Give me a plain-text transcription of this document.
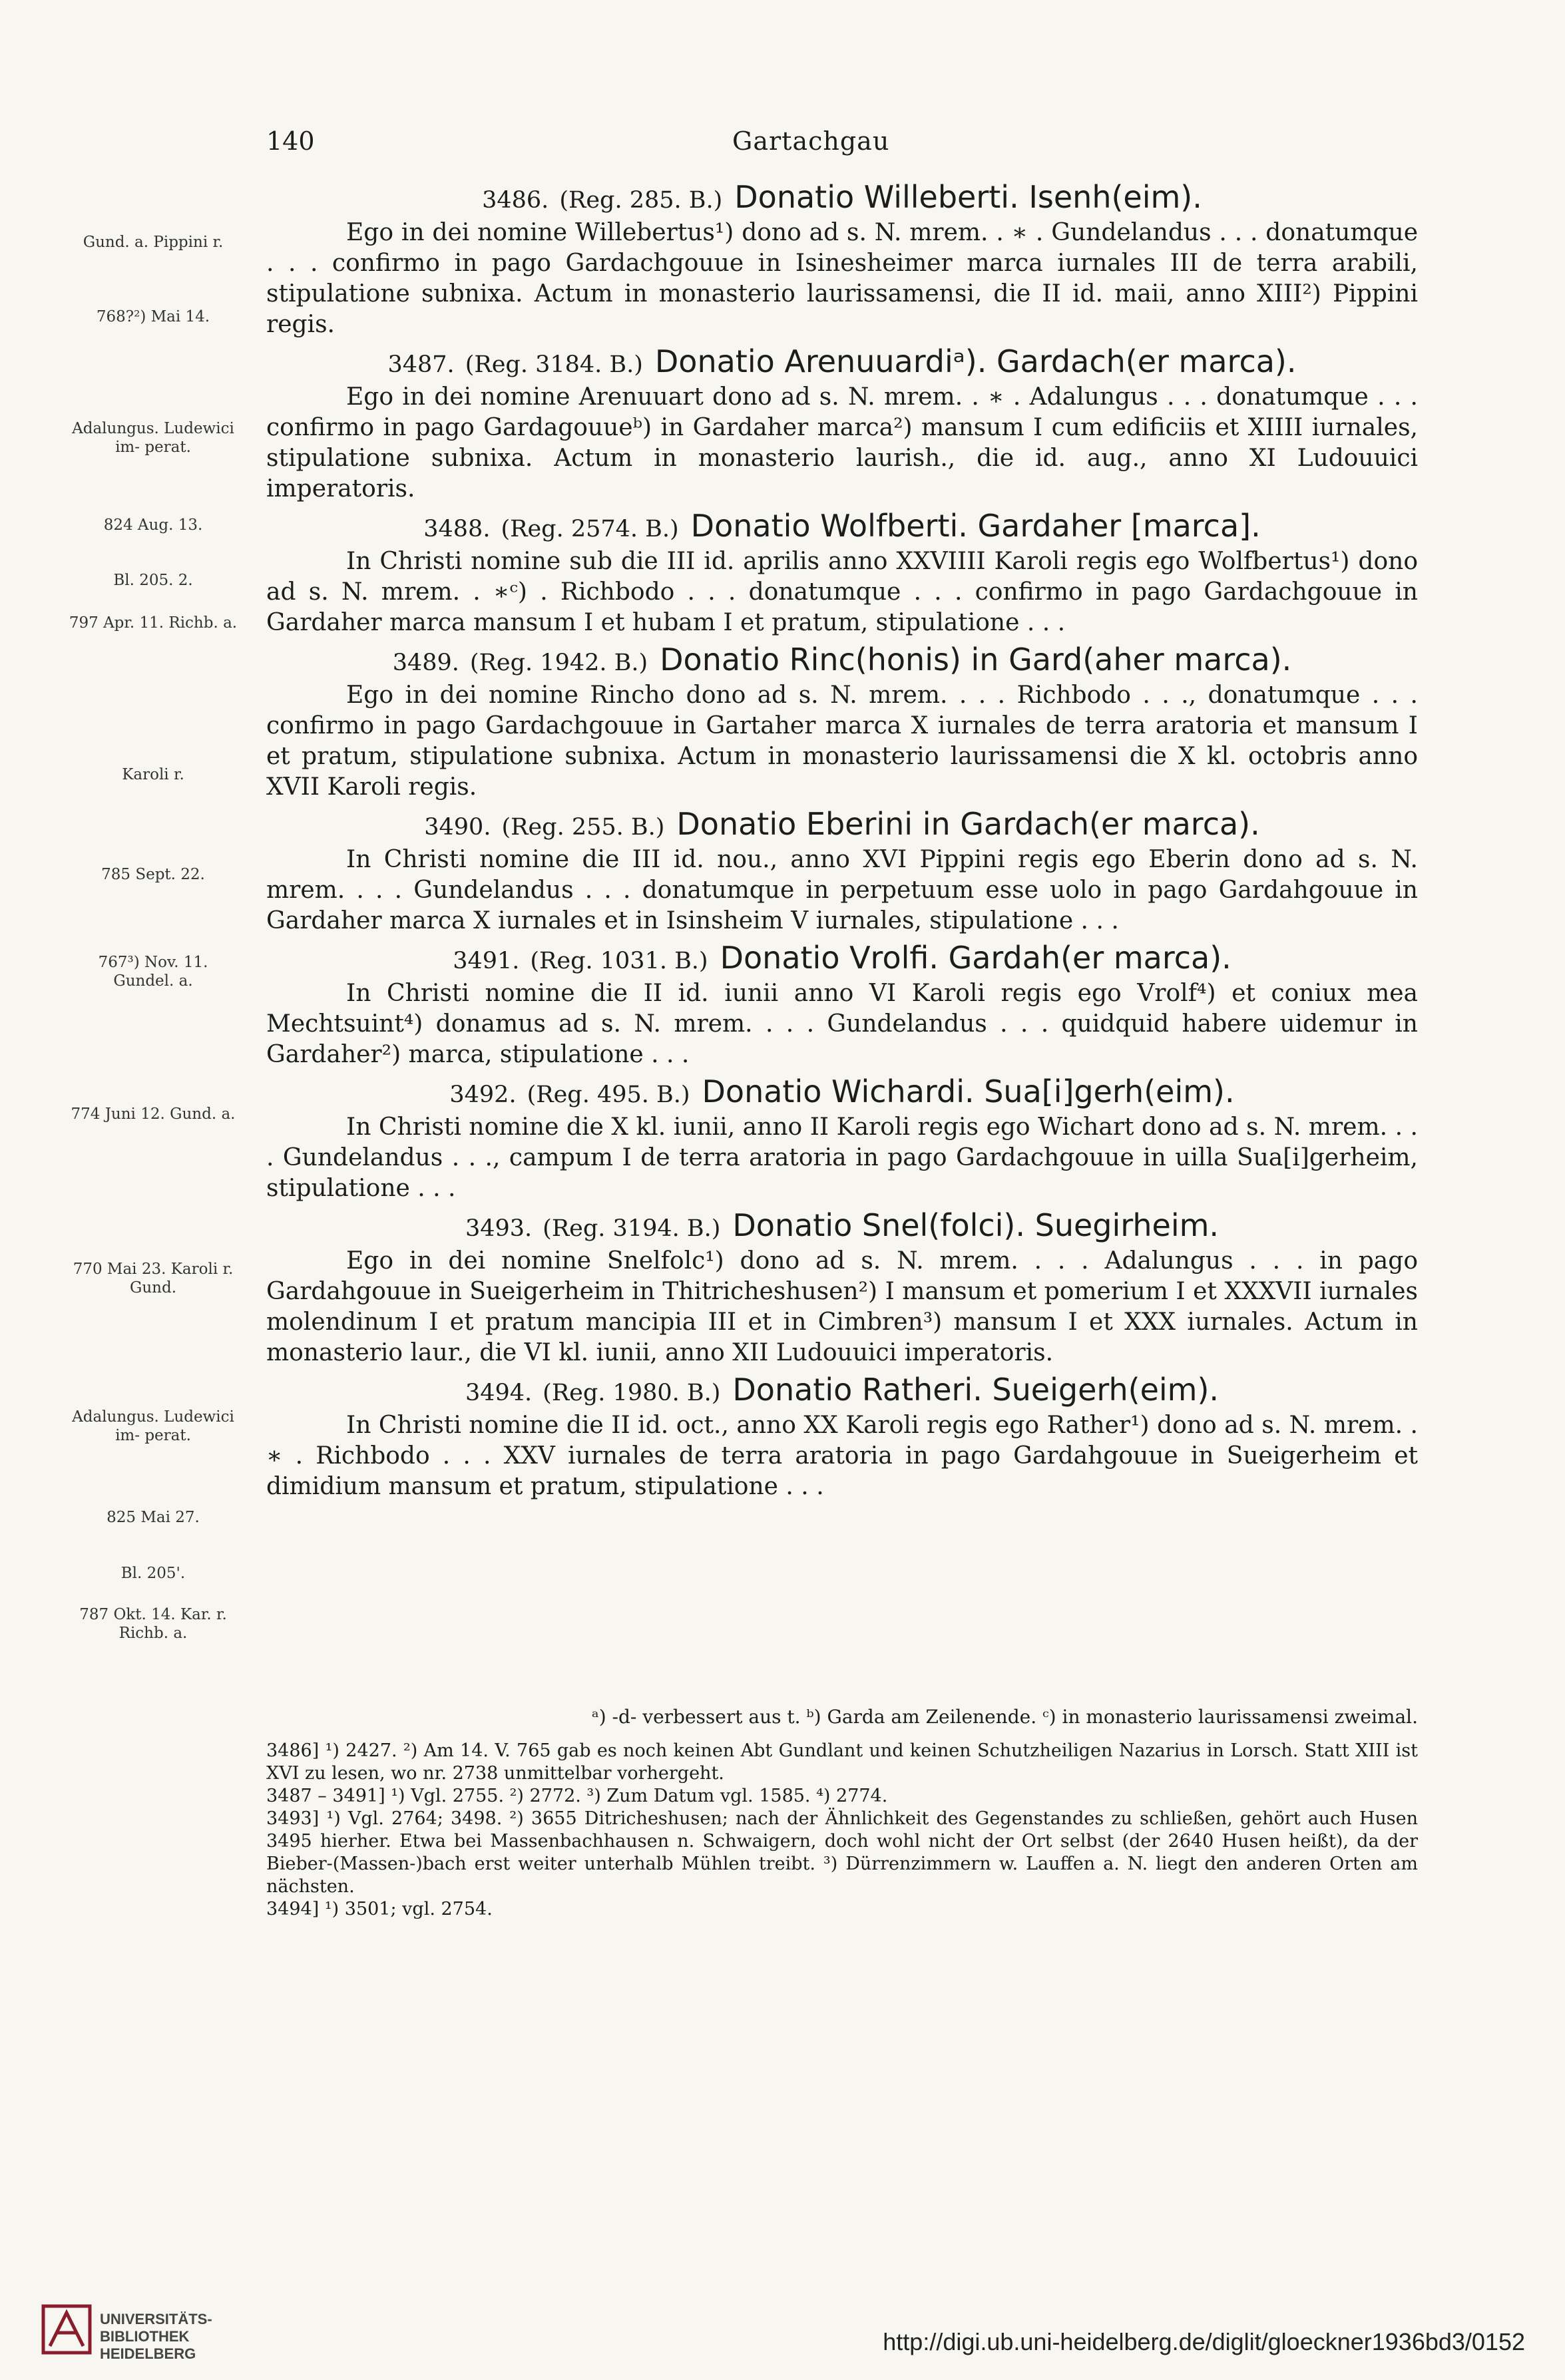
140	Gartachgau
Gund. a. Pippini r.
768?²) Mai 14.
Adalungus. Ludewici im- perat.
824 Aug. 13.
Bl. 205. 2.
797 Apr. 11. Richb. a.
Karoli r.
785 Sept. 22.
767³) Nov. 11. Gundel. a.
774 Juni 12. Gund. a.
770 Mai 23. Karoli r. Gund.
Adalungus. Ludewici im- perat.
825 Mai 27.
Bl. 205'.
787 Okt. 14. Kar. r. Richb. a.
3486. (Reg. 285. B.) Donatio Willeberti. Isenh(eim).

Ego in dei nomine Willebertus¹) dono ad s. N. mrem. . ∗ . Gundelandus . . . donatumque . . . confirmo in pago Gardachgouue in Isinesheimer marca iurnales III de terra arabili, stipulatione subnixa. Actum in monasterio laurissamensi, die II id. maii, anno XIII²) Pippini regis.

3487. (Reg. 3184. B.) Donatio Arenuuardiᵃ). Gardach(er marca).

Ego in dei nomine Arenuuart dono ad s. N. mrem. . ∗ . Adalungus . . . donatumque . . . confirmo in pago Gardagouueᵇ) in Gardaher marca²) mansum I cum edificiis et XIIII iurnales, stipulatione subnixa. Actum in monasterio laurish., die id. aug., anno XI Ludouuici imperatoris.

3488. (Reg. 2574. B.) Donatio Wolfberti. Gardaher [marca].

In Christi nomine sub die III id. aprilis anno XXVIIII Karoli regis ego Wolfbertus¹) dono ad s. N. mrem. . ∗ᶜ) . Richbodo . . . donatumque . . . confirmo in pago Gardachgouue in Gardaher marca mansum I et hubam I et pratum, stipulatione . . .

3489. (Reg. 1942. B.) Donatio Rinc(honis) in Gard(aher marca).

Ego in dei nomine Rincho dono ad s. N. mrem. . . . Richbodo . . ., donatumque . . . confirmo in pago Gardachgouue in Gartaher marca X iurnales de terra aratoria et mansum I et pratum, stipulatione subnixa. Actum in monasterio laurissamensi die X kl. octobris anno XVII Karoli regis.

3490. (Reg. 255. B.) Donatio Eberini in Gardach(er marca).

In Christi nomine die III id. nou., anno XVI Pippini regis ego Eberin dono ad s. N. mrem. . . . Gundelandus . . . donatumque in perpetuum esse uolo in pago Gardahgouue in Gardaher marca X iurnales et in Isinsheim V iurnales, stipulatione . . .

3491. (Reg. 1031. B.) Donatio Vrolfi. Gardah(er marca).

In Christi nomine die II id. iunii anno VI Karoli regis ego Vrolf⁴) et coniux mea Mechtsuint⁴) donamus ad s. N. mrem. . . . Gundelandus . . . quidquid habere uidemur in Gardaher²) marca, stipulatione . . .

3492. (Reg. 495. B.) Donatio Wichardi. Sua[i]gerh(eim).

In Christi nomine die X kl. iunii, anno II Karoli regis ego Wichart dono ad s. N. mrem. . . . Gundelandus . . ., campum I de terra aratoria in pago Gardachgouue in uilla Sua[i]gerheim, stipulatione . . .

3493. (Reg. 3194. B.) Donatio Snel(folci). Suegirheim.

Ego in dei nomine Snelfolc¹) dono ad s. N. mrem. . . . Adalungus . . . in pago Gardahgouue in Sueigerheim in Thitricheshusen²) I mansum et pomerium I et XXXVII iurnales molendinum I et pratum mancipia III et in Cimbren³) mansum I et XXX iurnales. Actum in monasterio laur., die VI kl. iunii, anno XII Ludouuici imperatoris.

3494. (Reg. 1980. B.) Donatio Ratheri. Sueigerh(eim).

In Christi nomine die II id. oct., anno XX Karoli regis ego Rather¹) dono ad s. N. mrem. . ∗ . Richbodo . . . XXV iurnales de terra aratoria in pago Gardahgouue in Sueigerheim et dimidium mansum et pratum, stipulatione . . .

ᵃ) -d- verbessert aus t. ᵇ) Garda am Zeilenende. ᶜ) in monasterio laurissamensi zweimal.

3486] ¹) 2427. ²) Am 14. V. 765 gab es noch keinen Abt Gundlant und keinen Schutzheiligen Nazarius in Lorsch. Statt XIII ist XVI zu lesen, wo nr. 2738 unmittelbar vorhergeht.

3487 – 3491] ¹) Vgl. 2755. ²) 2772. ³) Zum Datum vgl. 1585. ⁴) 2774.

3493] ¹) Vgl. 2764; 3498. ²) 3655 Ditricheshusen; nach der Ähnlichkeit des Gegenstandes zu schließen, gehört auch Husen 3495 hierher. Etwa bei Massenbachhausen n. Schwaigern, doch wohl nicht der Ort selbst (der 2640 Husen heißt), da der Bieber-(Massen-)bach erst weiter unterhalb Mühlen treibt. ³) Dürrenzimmern w. Lauffen a. N. liegt den anderen Orten am nächsten.

3494] ¹) 3501; vgl. 2754.

UNIVERSITÄTS-
BIBLIOTHEK
HEIDELBERG	http://digi.ub.uni-heidelberg.de/diglit/gloeckner1936bd3/0152
